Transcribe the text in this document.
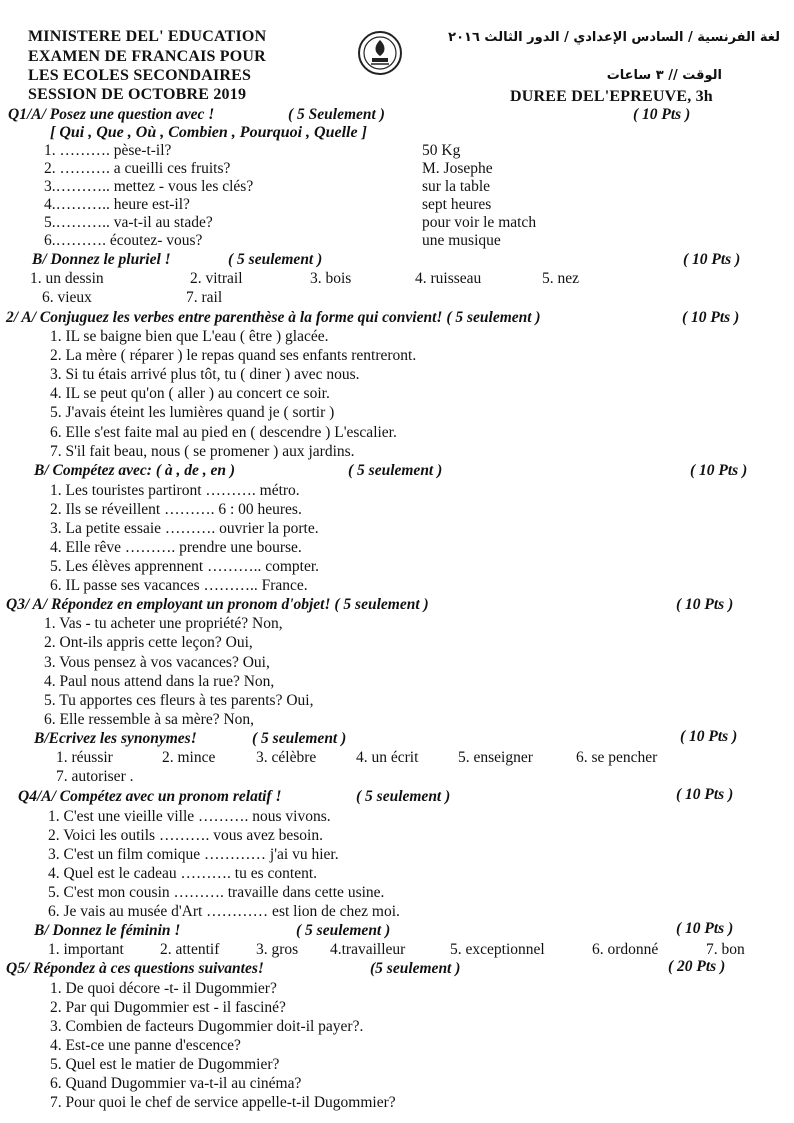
MINISTERE DEL' EDUCATION
EXAMEN DE FRANCAIS POUR
LES ECOLES SECONDAIRES
SESSION DE OCTOBRE 2019
لغة الفرنسية / السادس الإعدادي / الدور الثالث ٢٠١٦
الوقت // ٣ ساعات
DUREE DEL'EPREUVE, 3h
Q1/A/ Posez une question avec !	( 5 Seulement )	( 10 Pts )
[ Qui , Que , Où , Combien , Pourquoi , Quelle ]
1. ………. pèse-t-il?	50 Kg
2. ………. a cueilli ces fruits?	M. Josephe
3.……….. mettez - vous les clés?	sur la table
4.……….. heure est-il?	sept heures
5.……….. va-t-il au stade?	pour voir le match
6.………. écoutez- vous?	une musique
B/ Donnez le pluriel !	( 5 seulement )	( 10 Pts )
1. un dessin	2. vitrail	3. bois	4. ruisseau	5. nez
6. vieux	7. rail
2/ A/ Conjuguez les verbes entre parenthèse à la forme qui convient! ( 5 seulement )	( 10 Pts )
1. IL se baigne bien que L'eau ( être ) glacée.
2. La mère ( réparer ) le repas quand ses enfants rentreront.
3. Si tu étais arrivé plus tôt, tu ( diner ) avec nous.
4. IL se peut qu'on ( aller ) au concert ce soir.
5. J'avais éteint les lumières quand je ( sortir )
6. Elle s'est faite mal au pied en ( descendre ) L'escalier.
7. S'il fait beau, nous ( se promener ) aux jardins.
B/ Compétez avec: ( à , de , en )	( 5 seulement )	( 10 Pts )
1. Les touristes partiront ………. métro.
2. Ils se réveillent ………. 6 : 00 heures.
3. La petite essaie ………. ouvrier la porte.
4. Elle rêve ………. prendre une bourse.
5. Les élèves apprennent ……….. compter.
6. IL passe ses vacances ……….. France.
Q3/ A/ Répondez en employant un pronom d'objet! ( 5 seulement )	( 10 Pts )
1. Vas - tu acheter une propriété? Non,
2. Ont-ils appris cette leçon? Oui,
3. Vous pensez à vos vacances? Oui,
4. Paul nous attend dans la rue? Non,
5. Tu apportes ces fleurs à tes parents? Oui,
6. Elle ressemble à sa mère? Non,
B/Ecrivez les synonymes!	( 5 seulement )	( 10 Pts )
1. réussir	2. mince	3. célèbre	4. un écrit	5. enseigner	6. se pencher
7. autoriser .
Q4/A/ Compétez avec un pronom relatif !	( 5 seulement )	( 10 Pts )
1. C'est une vieille ville ………. nous vivons.
2. Voici les outils ………. vous avez besoin.
3. C'est un film comique ………… j'ai vu hier.
4. Quel est le cadeau ………. tu es content.
5. C'est mon cousin ………. travaille dans cette usine.
6. Je vais au musée d'Art ………… est lion de chez moi.
B/ Donnez le féminin !	( 5 seulement )	( 10 Pts )
1. important 2. attentif 3. gros 4.travailleur	5. exceptionnel	6. ordonné	7. bon
Q5/ Répondez à ces questions suivantes!	(5 seulement )	( 20 Pts )
1. De quoi décore -t- il Dugommier?
2. Par qui Dugommier est - il fasciné?
3. Combien de facteurs Dugommier doit-il payer?.
4. Est-ce une panne d'escence?
5. Quel est le matier de Dugommier?
6. Quand Dugommier va-t-il au cinéma?
7. Pour quoi le chef de service appelle-t-il Dugommier?
